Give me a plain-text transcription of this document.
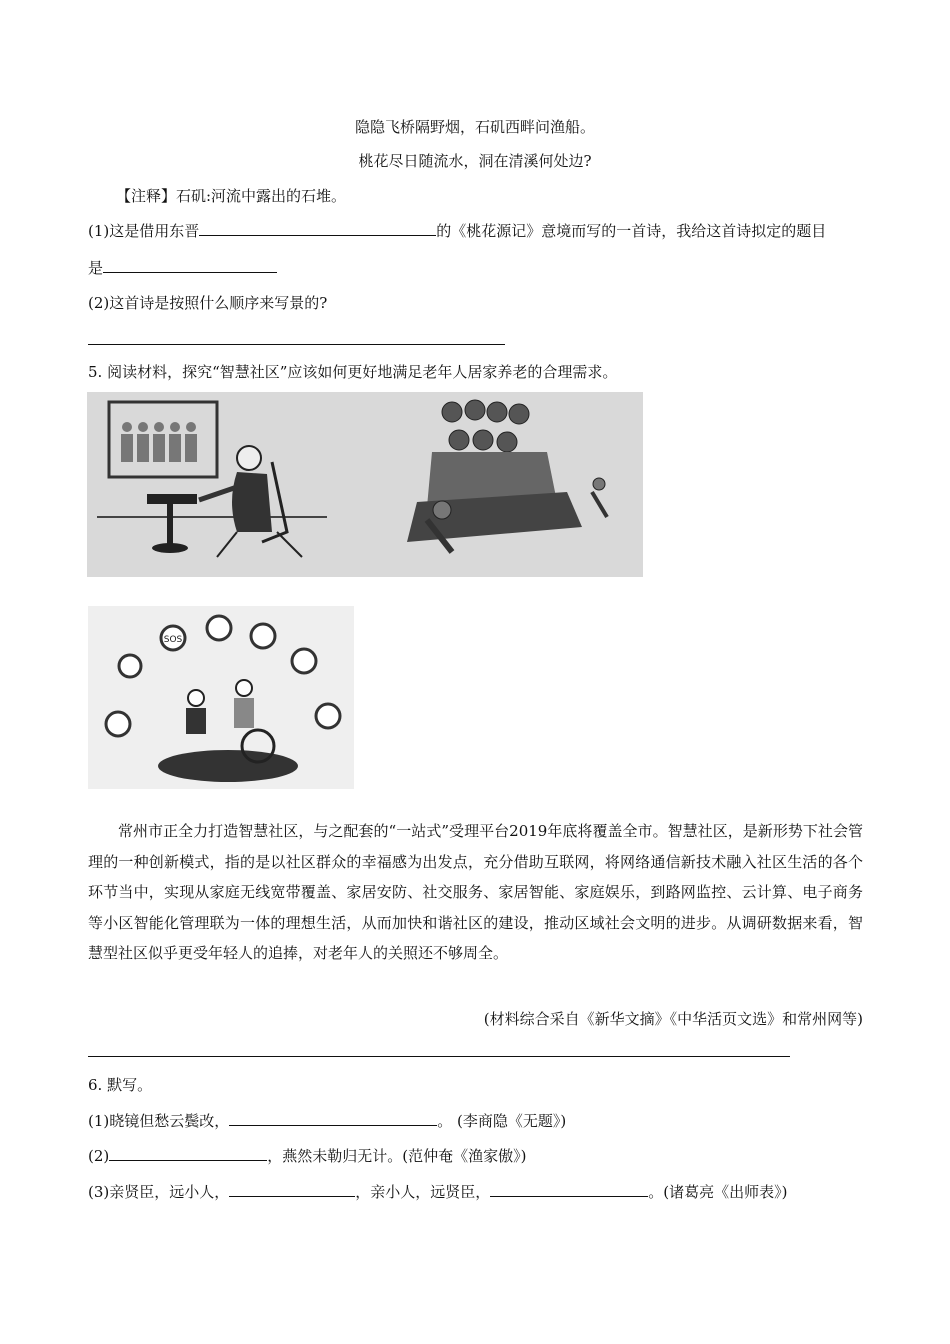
隐隐飞桥隔野烟，石矶西畔问渔船。
桃花尽日随流水，洞在清溪何处边?
【注释】石矶:河流中露出的石堆。
(1)这是借用东晋	的《桃花源记》意境而写的一首诗，我给这首诗拟定的题目
是
(2)这首诗是按照什么顺序来写景的?
5. 阅读材料，探究“智慧社区”应该如何更好地满足老年人居家养老的合理需求。
SOS
常州市正全力打造智慧社区，与之配套的“一站式”受理平台2019年底将覆盖全市。智慧社区，是新形势下社会管理的一种创新模式，指的是以社区群众的幸福感为出发点，充分借助互联网，将网络通信新技术融入社区生活的各个环节当中，实现从家庭无线宽带覆盖、家居安防、社交服务、家居智能、家庭娱乐，到路网监控、云计算、电子商务等小区智能化管理联为一体的理想生活，从而加快和谐社区的建设，推动区域社会文明的进步。从调研数据来看，智慧型社区似乎更受年轻人的追捧，对老年人的关照还不够周全。
(材料综合采自《新华文摘》《中华活页文选》和常州网等)
6. 默写。
(1)晓镜但愁云鬓改，	。 (李商隐《无题》)
(2)	，燕然未勒归无计。(范仲奄《渔家傲》)
(3)亲贤臣，远小人，	，亲小人，远贤臣，	。(诸葛亮《出师表》)
